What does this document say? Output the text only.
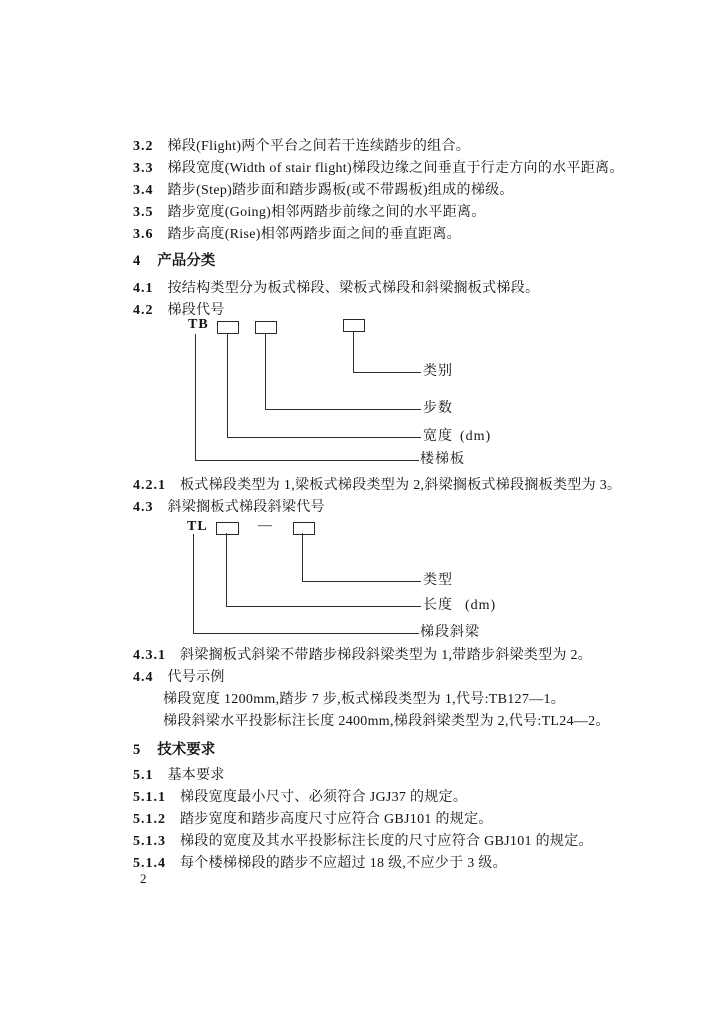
3.2 梯段(Flight)两个平台之间若干连续踏步的组合。
3.3 梯段宽度(Width of stair flight)梯段边缘之间垂直于行走方向的水平距离。
3.4 踏步(Step)踏步面和踏步踢板(或不带踢板)组成的梯级。
3.5 踏步宽度(Going)相邻两踏步前缘之间的水平距离。
3.6 踏步高度(Rise)相邻两踏步面之间的垂直距离。
4 产品分类
4.1 按结构类型分为板式梯段、梁板式梯段和斜梁搁板式梯段。
4.2 梯段代号
TB
类别
步数
宽度 (dm)
楼梯板
4.2.1 板式梯段类型为 1,梁板式梯段类型为 2,斜梁搁板式梯段搁板类型为 3。
4.3 斜梁搁板式梯段斜梁代号
TL	—
类型
长度 (dm)
梯段斜梁
4.3.1 斜梁搁板式斜梁不带踏步梯段斜梁类型为 1,带踏步斜梁类型为 2。
4.4 代号示例
梯段宽度 1200mm,踏步 7 步,板式梯段类型为 1,代号:TB127—1。
梯段斜梁水平投影标注长度 2400mm,梯段斜梁类型为 2,代号:TL24—2。
5 技术要求
5.1 基本要求
5.1.1 梯段宽度最小尺寸、必须符合 JGJ37 的规定。
5.1.2 踏步宽度和踏步高度尺寸应符合 GBJ101 的规定。
5.1.3 梯段的宽度及其水平投影标注长度的尺寸应符合 GBJ101 的规定。
5.1.4 每个楼梯梯段的踏步不应超过 18 级,不应少于 3 级。
2
